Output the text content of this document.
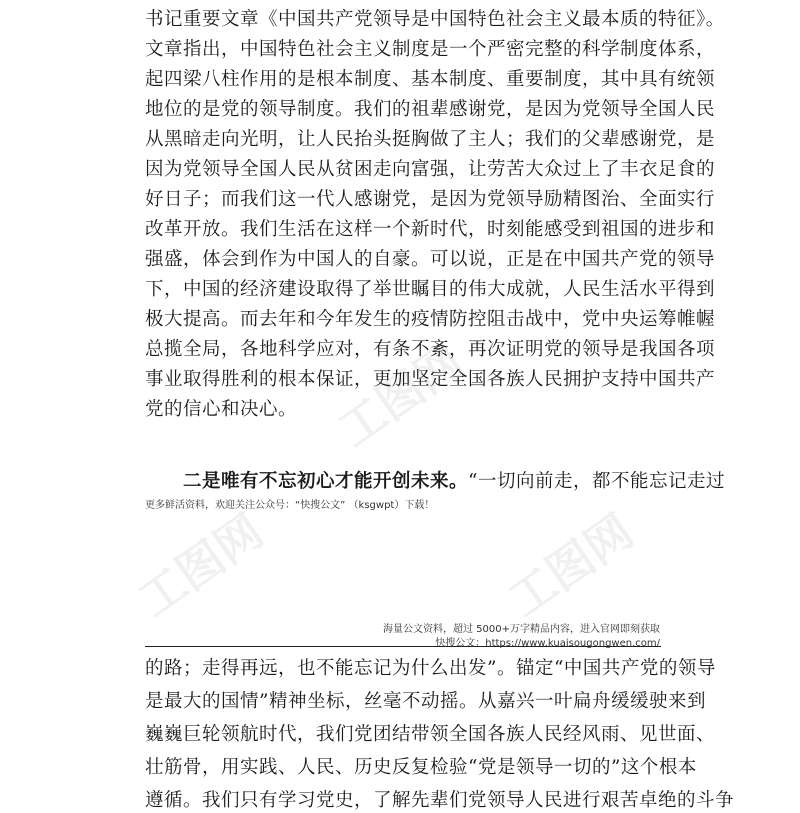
工图网	工图网
工图网
书记重要文章《中国共产党领导是中国特色社会主义最本质的特征》。
文章指出，中国特色社会主义制度是一个严密完整的科学制度体系，
起四梁八柱作用的是根本制度、基本制度、重要制度，其中具有统领
地位的是党的领导制度。我们的祖辈感谢党，是因为党领导全国人民
从黑暗走向光明，让人民抬头挺胸做了主人；我们的父辈感谢党，是
因为党领导全国人民从贫困走向富强，让劳苦大众过上了丰衣足食的
好日子；而我们这一代人感谢党，是因为党领导励精图治、全面实行
改革开放。我们生活在这样一个新时代，时刻能感受到祖国的进步和
强盛，体会到作为中国人的自豪。可以说，正是在中国共产党的领导
下，中国的经济建设取得了举世瞩目的伟大成就，人民生活水平得到
极大提高。而去年和今年发生的疫情防控阻击战中，党中央运筹帷幄
总揽全局，各地科学应对，有条不紊，再次证明党的领导是我国各项
事业取得胜利的根本保证，更加坚定全国各族人民拥护支持中国共产
党的信心和决心。
二是唯有不忘初心才能开创未来。“一切向前走，都不能忘记走过
更多鲜活资料，欢迎关注公众号：“快搜公文” （ksgwpt）下载！
海量公文资料，超过 5000+万字精品内容，进入官网即刻获取
快搜公文：https://www.kuaisougongwen.com/
的路；走得再远，也不能忘记为什么出发”。锚定“中国共产党的领导
是最大的国情”精神坐标，丝毫不动摇。从嘉兴一叶扁舟缓缓驶来到
巍巍巨轮领航时代，我们党团结带领全国各族人民经风雨、见世面、
壮筋骨，用实践、人民、历史反复检验“党是领导一切的”这个根本
遵循。我们只有学习党史，了解先辈们党领导人民进行艰苦卓绝的斗争
